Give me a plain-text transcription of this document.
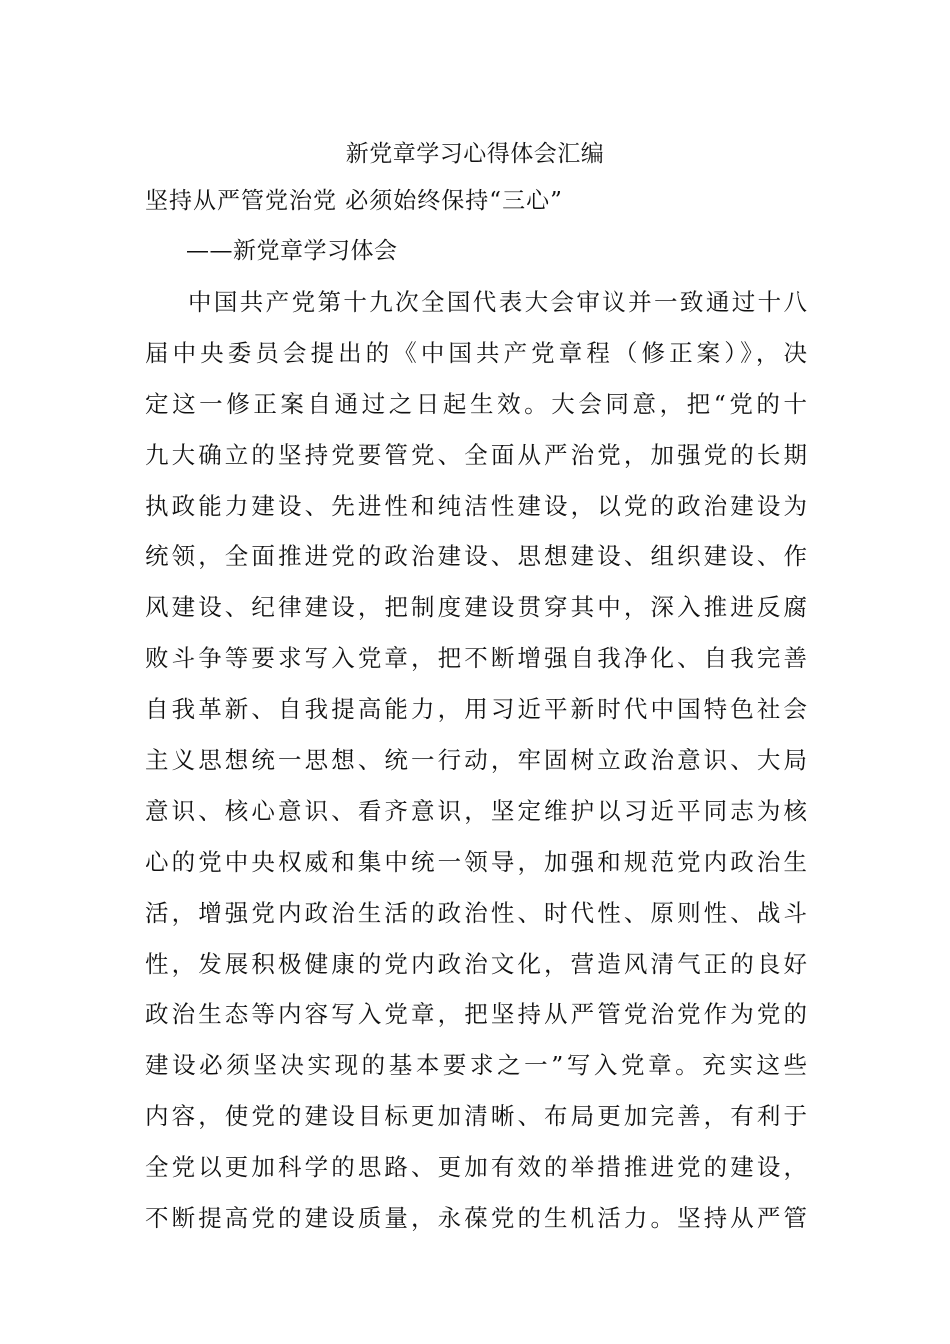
新党章学习心得体会汇编
坚持从严管党治党 必须始终保持“三心”
——新党章学习体会
中国共产党第十九次全国代表大会审议并一致通过十八
届中央委员会提出的《中国共产党章程（修正案）》，决
定这一修正案自通过之日起生效。大会同意，把“党的十
九大确立的坚持党要管党、全面从严治党，加强党的长期
执政能力建设、先进性和纯洁性建设，以党的政治建设为
统领，全面推进党的政治建设、思想建设、组织建设、作
风建设、纪律建设，把制度建设贯穿其中，深入推进反腐
败斗争等要求写入党章，把不断增强自我净化、自我完善
自我革新、自我提高能力，用习近平新时代中国特色社会
主义思想统一思想、统一行动，牢固树立政治意识、大局
意识、核心意识、看齐意识，坚定维护以习近平同志为核
心的党中央权威和集中统一领导，加强和规范党内政治生
活，增强党内政治生活的政治性、时代性、原则性、战斗
性，发展积极健康的党内政治文化，营造风清气正的良好
政治生态等内容写入党章，把坚持从严管党治党作为党的
建设必须坚决实现的基本要求之一”写入党章。充实这些
内容，使党的建设目标更加清晰、布局更加完善，有利于
全党以更加科学的思路、更加有效的举措推进党的建设，
不断提高党的建设质量，永葆党的生机活力。坚持从严管
